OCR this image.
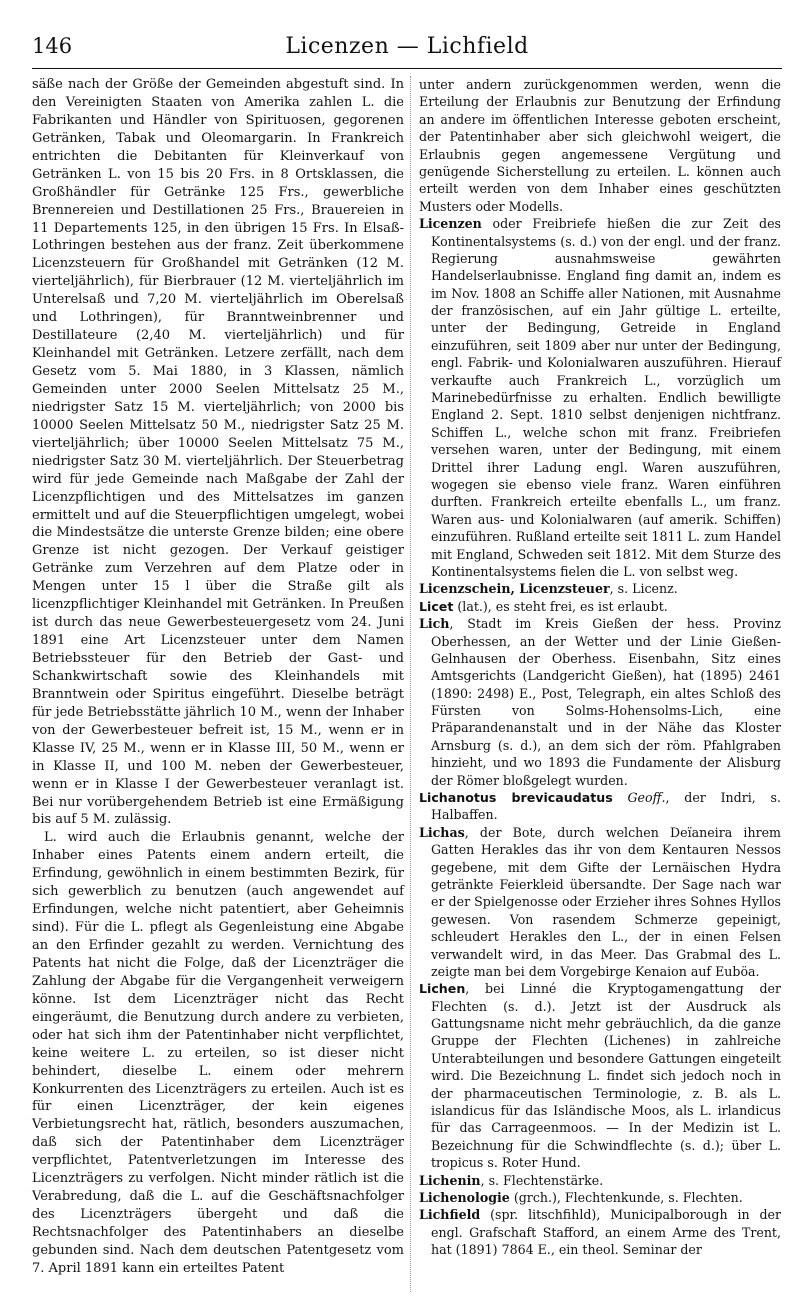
146	Licenzen — Lichfield

säße nach der Größe der Gemeinden abgestuft sind. In den Vereinigten Staaten von Amerika zahlen L. die Fabrikanten und Händler von Spirituosen, gegorenen Getränken, Tabak und Oleomargarin. In Frankreich entrichten die Debitanten für Kleinverkauf von Getränken L. von 15 bis 20 Frs. in 8 Ortsklassen, die Großhändler für Getränke 125 Frs., gewerbliche Brennereien und Destillationen 25 Frs., Brauereien in 11 Departements 125, in den übrigen 15 Frs. In Elsaß-Lothringen bestehen aus der franz. Zeit überkommene Licenzsteuern für Großhandel mit Getränken (12 M. vierteljährlich), für Bierbrauer (12 M. vierteljährlich im Unterelsaß und 7,20 M. vierteljährlich im Oberelsaß und Lothringen), für Branntweinbrenner und Destillateure (2,40 M. vierteljährlich) und für Kleinhandel mit Getränken. Letzere zerfällt, nach dem Gesetz vom 5. Mai 1880, in 3 Klassen, nämlich Gemeinden unter 2000 Seelen Mittelsatz 25 M., niedrigster Satz 15 M. vierteljährlich; von 2000 bis 10000 Seelen Mittelsatz 50 M., niedrigster Satz 25 M. vierteljährlich; über 10000 Seelen Mittelsatz 75 M., niedrigster Satz 30 M. vierteljährlich. Der Steuerbetrag wird für jede Gemeinde nach Maßgabe der Zahl der Licenzpflichtigen und des Mittelsatzes im ganzen ermittelt und auf die Steuerpflichtigen umgelegt, wobei die Mindestsätze die unterste Grenze bilden; eine obere Grenze ist nicht gezogen. Der Verkauf geistiger Getränke zum Verzehren auf dem Platze oder in Mengen unter 15 l über die Straße gilt als licenzpflichtiger Kleinhandel mit Getränken. In Preußen ist durch das neue Gewerbesteuergesetz vom 24. Juni 1891 eine Art Licenzsteuer unter dem Namen Betriebssteuer für den Betrieb der Gast- und Schankwirtschaft sowie des Kleinhandels mit Branntwein oder Spiritus eingeführt. Dieselbe beträgt für jede Betriebsstätte jährlich 10 M., wenn der Inhaber von der Gewerbesteuer befreit ist, 15 M., wenn er in Klasse IV, 25 M., wenn er in Klasse III, 50 M., wenn er in Klasse II, und 100 M. neben der Gewerbesteuer, wenn er in Klasse I der Gewerbesteuer veranlagt ist. Bei nur vorübergehendem Betrieb ist eine Ermäßigung bis auf 5 M. zulässig.

L. wird auch die Erlaubnis genannt, welche der Inhaber eines Patents einem andern erteilt, die Erfindung, gewöhnlich in einem bestimmten Bezirk, für sich gewerblich zu benutzen (auch angewendet auf Erfindungen, welche nicht patentiert, aber Geheimnis sind). Für die L. pflegt als Gegenleistung eine Abgabe an den Erfinder gezahlt zu werden. Vernichtung des Patents hat nicht die Folge, daß der Licenzträger die Zahlung der Abgabe für die Vergangenheit verweigern könne. Ist dem Licenzträger nicht das Recht eingeräumt, die Benutzung durch andere zu verbieten, oder hat sich ihm der Patentinhaber nicht verpflichtet, keine weitere L. zu erteilen, so ist dieser nicht behindert, dieselbe L. einem oder mehrern Konkurrenten des Licenzträgers zu erteilen. Auch ist es für einen Licenzträger, der kein eigenes Verbietungsrecht hat, rätlich, besonders auszumachen, daß sich der Patentinhaber dem Licenzträger verpflichtet, Patentverletzungen im Interesse des Licenzträgers zu verfolgen. Nicht minder rätlich ist die Verabredung, daß die L. auf die Geschäftsnachfolger des Licenzträgers übergeht und daß die Rechtsnachfolger des Patentinhabers an dieselbe gebunden sind. Nach dem deutschen Patentgesetz vom 7. April 1891 kann ein erteiltes Patent

unter andern zurückgenommen werden, wenn die Erteilung der Erlaubnis zur Benutzung der Erfindung an andere im öffentlichen Interesse geboten erscheint, der Patentinhaber aber sich gleichwohl weigert, die Erlaubnis gegen angemessene Vergütung und genügende Sicherstellung zu erteilen. L. können auch erteilt werden von dem Inhaber eines geschützten Musters oder Modells.

Licenzen oder Freibriefe hießen die zur Zeit des Kontinentalsystems (s. d.) von der engl. und der franz. Regierung ausnahmsweise gewährten Handelserlaubnisse. England fing damit an, indem es im Nov. 1808 an Schiffe aller Nationen, mit Ausnahme der französischen, auf ein Jahr gültige L. erteilte, unter der Bedingung, Getreide in England einzuführen, seit 1809 aber nur unter der Bedingung, engl. Fabrik- und Kolonialwaren auszuführen. Hierauf verkaufte auch Frankreich L., vorzüglich um Marinebedürfnisse zu erhalten. Endlich bewilligte England 2. Sept. 1810 selbst denjenigen nichtfranz. Schiffen L., welche schon mit franz. Freibriefen versehen waren, unter der Bedingung, mit einem Drittel ihrer Ladung engl. Waren auszuführen, wogegen sie ebenso viele franz. Waren einführen durften. Frankreich erteilte ebenfalls L., um franz. Waren aus- und Kolonialwaren (auf amerik. Schiffen) einzuführen. Rußland erteilte seit 1811 L. zum Handel mit England, Schweden seit 1812. Mit dem Sturze des Kontinentalsystems fielen die L. von selbst weg.

Licenzschein, Licenzsteuer, s. Licenz.

Licet (lat.), es steht frei, es ist erlaubt.

Lich, Stadt im Kreis Gießen der hess. Provinz Oberhessen, an der Wetter und der Linie Gießen-Gelnhausen der Oberhess. Eisenbahn, Sitz eines Amtsgerichts (Landgericht Gießen), hat (1895) 2461 (1890: 2498) E., Post, Telegraph, ein altes Schloß des Fürsten von Solms-Hohensolms-Lich, eine Präparandenanstalt und in der Nähe das Kloster Arnsburg (s. d.), an dem sich der röm. Pfahlgraben hinzieht, und wo 1893 die Fundamente der Alisburg der Römer bloßgelegt wurden.

Lichanotus brevicaudatus Geoff., der Indri, s. Halbaffen.

Lichas, der Bote, durch welchen Deïaneira ihrem Gatten Herakles das ihr von dem Kentauren Nessos gegebene, mit dem Gifte der Lernäischen Hydra getränkte Feierkleid übersandte. Der Sage nach war er der Spielgenosse oder Erzieher ihres Sohnes Hyllos gewesen. Von rasendem Schmerze gepeinigt, schleudert Herakles den L., der in einen Felsen verwandelt wird, in das Meer. Das Grabmal des L. zeigte man bei dem Vorgebirge Kenaion auf Euböa.

Lichen, bei Linné die Kryptogamengattung der Flechten (s. d.). Jetzt ist der Ausdruck als Gattungsname nicht mehr gebräuchlich, da die ganze Gruppe der Flechten (Lichenes) in zahlreiche Unterabteilungen und besondere Gattungen eingeteilt wird. Die Bezeichnung L. findet sich jedoch noch in der pharmaceutischen Terminologie, z. B. als L. islandicus für das Isländische Moos, als L. irlandicus für das Carrageenmoos. — In der Medizin ist L. Bezeichnung für die Schwindflechte (s. d.); über L. tropicus s. Roter Hund.

Lichenin, s. Flechtenstärke.

Lichenologie (grch.), Flechtenkunde, s. Flechten.

Lichfield (spr. litschfihld), Municipalborough in der engl. Grafschaft Stafford, an einem Arme des Trent, hat (1891) 7864 E., ein theol. Seminar der
